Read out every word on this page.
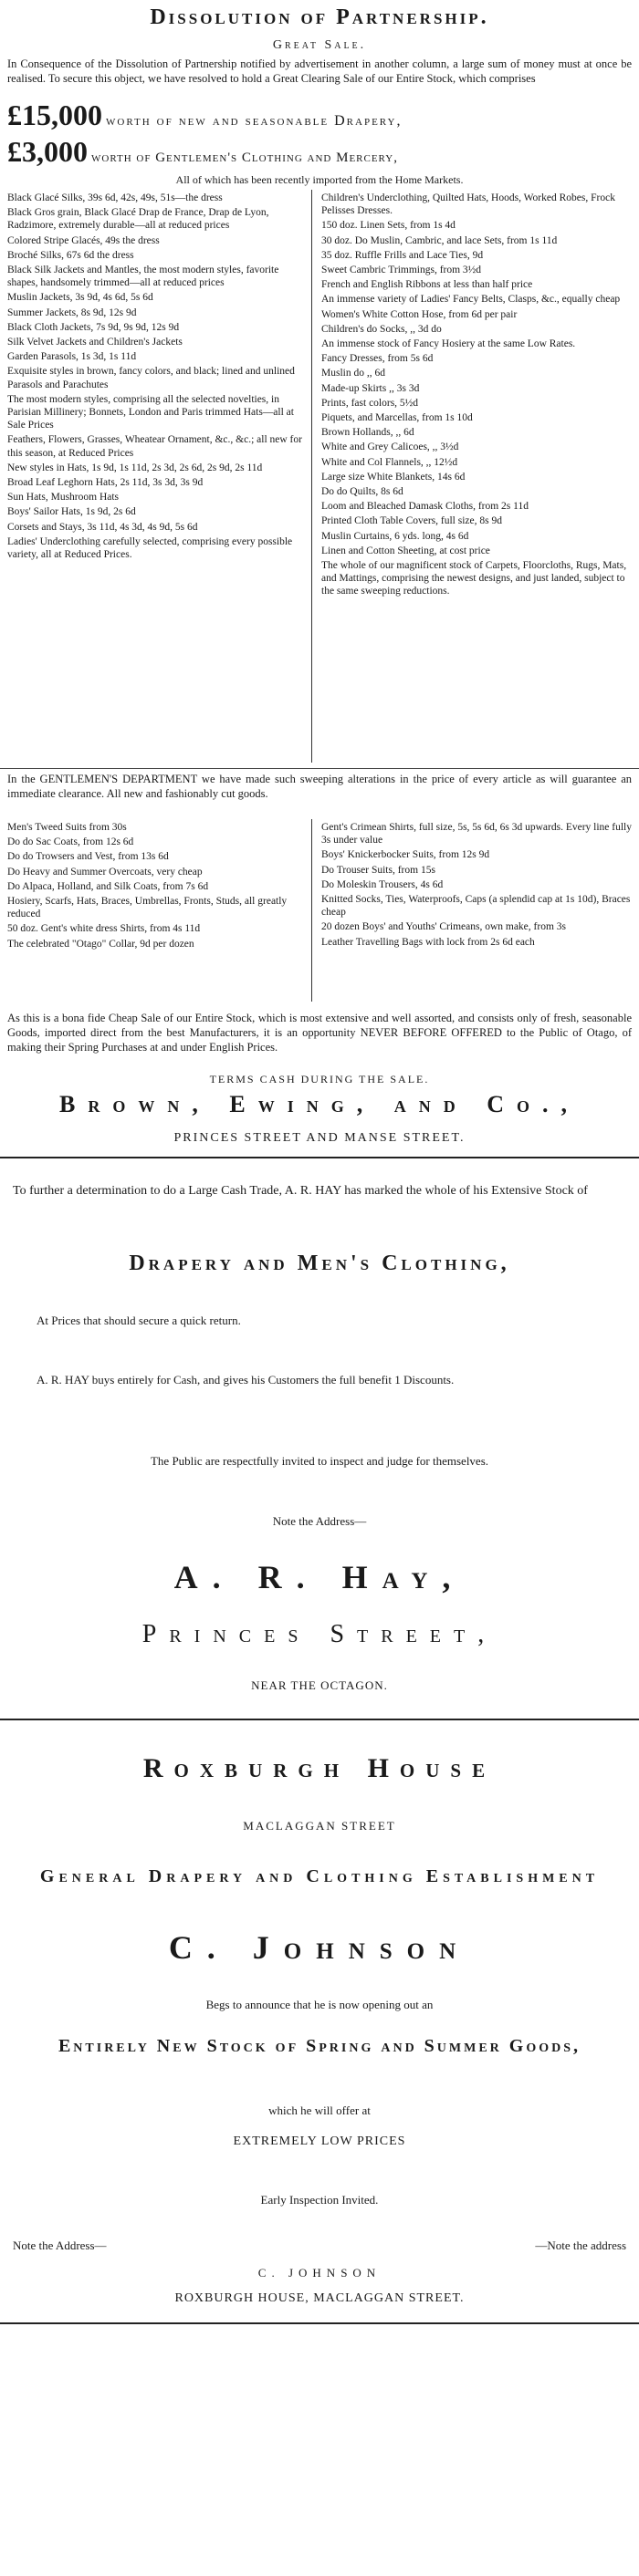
Dissolution of Partnership.
Great Sale.

In Consequence of the Dissolution of Partnership notified by advertisement in another column, a large sum of money must at once be realised. To secure this object, we have resolved to hold a Great Clearing Sale of our Entire Stock, which comprises

£15,000 worth of new and seasonable Drapery,
£3,000 worth of Gentlemen's Clothing and Mercery,
All of which has been recently imported from the Home Markets.

Black Glacé Silks, 39s 6d, 42s, 49s, 51s—the dress

Black Gros grain, Black Glacé Drap de France, Drap de Lyon, Radzimore, extremely durable—all at reduced prices

Colored Stripe Glacés, 49s the dress

Broché Silks, 67s 6d the dress

Black Silk Jackets and Mantles, the most modern styles, favorite shapes, handsomely trimmed—all at reduced prices

Muslin Jackets, 3s 9d, 4s 6d, 5s 6d

Summer Jackets, 8s 9d, 12s 9d

Black Cloth Jackets, 7s 9d, 9s 9d, 12s 9d

Silk Velvet Jackets and Children's Jackets

Garden Parasols, 1s 3d, 1s 11d

Exquisite styles in brown, fancy colors, and black; lined and unlined Parasols and Parachutes

The most modern styles, comprising all the selected novelties, in Parisian Millinery; Bonnets, London and Paris trimmed Hats—all at Sale Prices

Feathers, Flowers, Grasses, Wheatear Ornament, &c., &c.; all new for this season, at Reduced Prices

New styles in Hats, 1s 9d, 1s 11d, 2s 3d, 2s 6d, 2s 9d, 2s 11d

Broad Leaf Leghorn Hats, 2s 11d, 3s 3d, 3s 9d

Sun Hats, Mushroom Hats

Boys' Sailor Hats, 1s 9d, 2s 6d

Corsets and Stays, 3s 11d, 4s 3d, 4s 9d, 5s 6d

Ladies' Underclothing carefully selected, comprising every possible variety, all at Reduced Prices.

Children's Underclothing, Quilted Hats, Hoods, Worked Robes, Frock Pelisses Dresses.

150 doz. Linen Sets, from 1s 4d

30 doz. Do Muslin, Cambric, and lace Sets, from 1s 11d

35 doz. Ruffle Frills and Lace Ties, 9d

Sweet Cambric Trimmings, from 3½d

French and English Ribbons at less than half price

An immense variety of Ladies' Fancy Belts, Clasps, &c., equally cheap

Women's White Cotton Hose, from 6d per pair

Children's do Socks, ,, 3d do

An immense stock of Fancy Hosiery at the same Low Rates.

Fancy Dresses, from 5s 6d

Muslin do ,, 6d

Made-up Skirts ,, 3s 3d

Prints, fast colors, 5½d

Piquets, and Marcellas, from 1s 10d

Brown Hollands, ,, 6d

White and Grey Calicoes, ,, 3½d

White and Col Flannels, ,, 12½d

Large size White Blankets, 14s 6d

Do do Quilts, 8s 6d

Loom and Bleached Damask Cloths, from 2s 11d

Printed Cloth Table Covers, full size, 8s 9d

Muslin Curtains, 6 yds. long, 4s 6d

Linen and Cotton Sheeting, at cost price

The whole of our magnificent stock of Carpets, Floorcloths, Rugs, Mats, and Mattings, comprising the newest designs, and just landed, subject to the same sweeping reductions.

In the GENTLEMEN'S DEPARTMENT we have made such sweeping alterations in the price of every article as will guarantee an immediate clearance. All new and fashionably cut goods.

Men's Tweed Suits from 30s

Do do Sac Coats, from 12s 6d

Do do Trowsers and Vest, from 13s 6d

Do Heavy and Summer Overcoats, very cheap

Do Alpaca, Holland, and Silk Coats, from 7s 6d

Hosiery, Scarfs, Hats, Braces, Umbrellas, Fronts, Studs, all greatly reduced

50 doz. Gent's white dress Shirts, from 4s 11d

The celebrated "Otago" Collar, 9d per dozen

Gent's Crimean Shirts, full size, 5s, 5s 6d, 6s 3d upwards. Every line fully 3s under value

Boys' Knickerbocker Suits, from 12s 9d

Do Trouser Suits, from 15s

Do Moleskin Trousers, 4s 6d

Knitted Socks, Ties, Waterproofs, Caps (a splendid cap at 1s 10d), Braces cheap

20 dozen Boys' and Youths' Crimeans, own make, from 3s

Leather Travelling Bags with lock from 2s 6d each

As this is a bona fide Cheap Sale of our Entire Stock, which is most extensive and well assorted, and consists only of fresh, seasonable Goods, imported direct from the best Manufacturers, it is an opportunity NEVER BEFORE OFFERED to the Public of Otago, of making their Spring Purchases at and under English Prices.

TERMS CASH DURING THE SALE.
Brown, Ewing, and Co.,
PRINCES STREET AND MANSE STREET.
To further a determination to do a Large Cash Trade, A. R. HAY has marked the whole of his Extensive Stock of
Drapery and Men's Clothing,
At Prices that should secure a quick return.
A. R. HAY buys entirely for Cash, and gives his Customers the full benefit 1 Discounts.
The Public are respectfully invited to inspect and judge for themselves.
Note the Address—
A. R. Hay,
Princes Street,
NEAR THE OCTAGON.
Roxburgh House
MACLAGGAN STREET
General Drapery and Clothing Establishment
C. Johnson
Begs to announce that he is now opening out an
Entirely New Stock of Spring and Summer Goods,
which he will offer at
EXTREMELY LOW PRICES
Early Inspection Invited.
Note the Address—	—Note the address
C. JOHNSON
ROXBURGH HOUSE, MACLAGGAN STREET.
